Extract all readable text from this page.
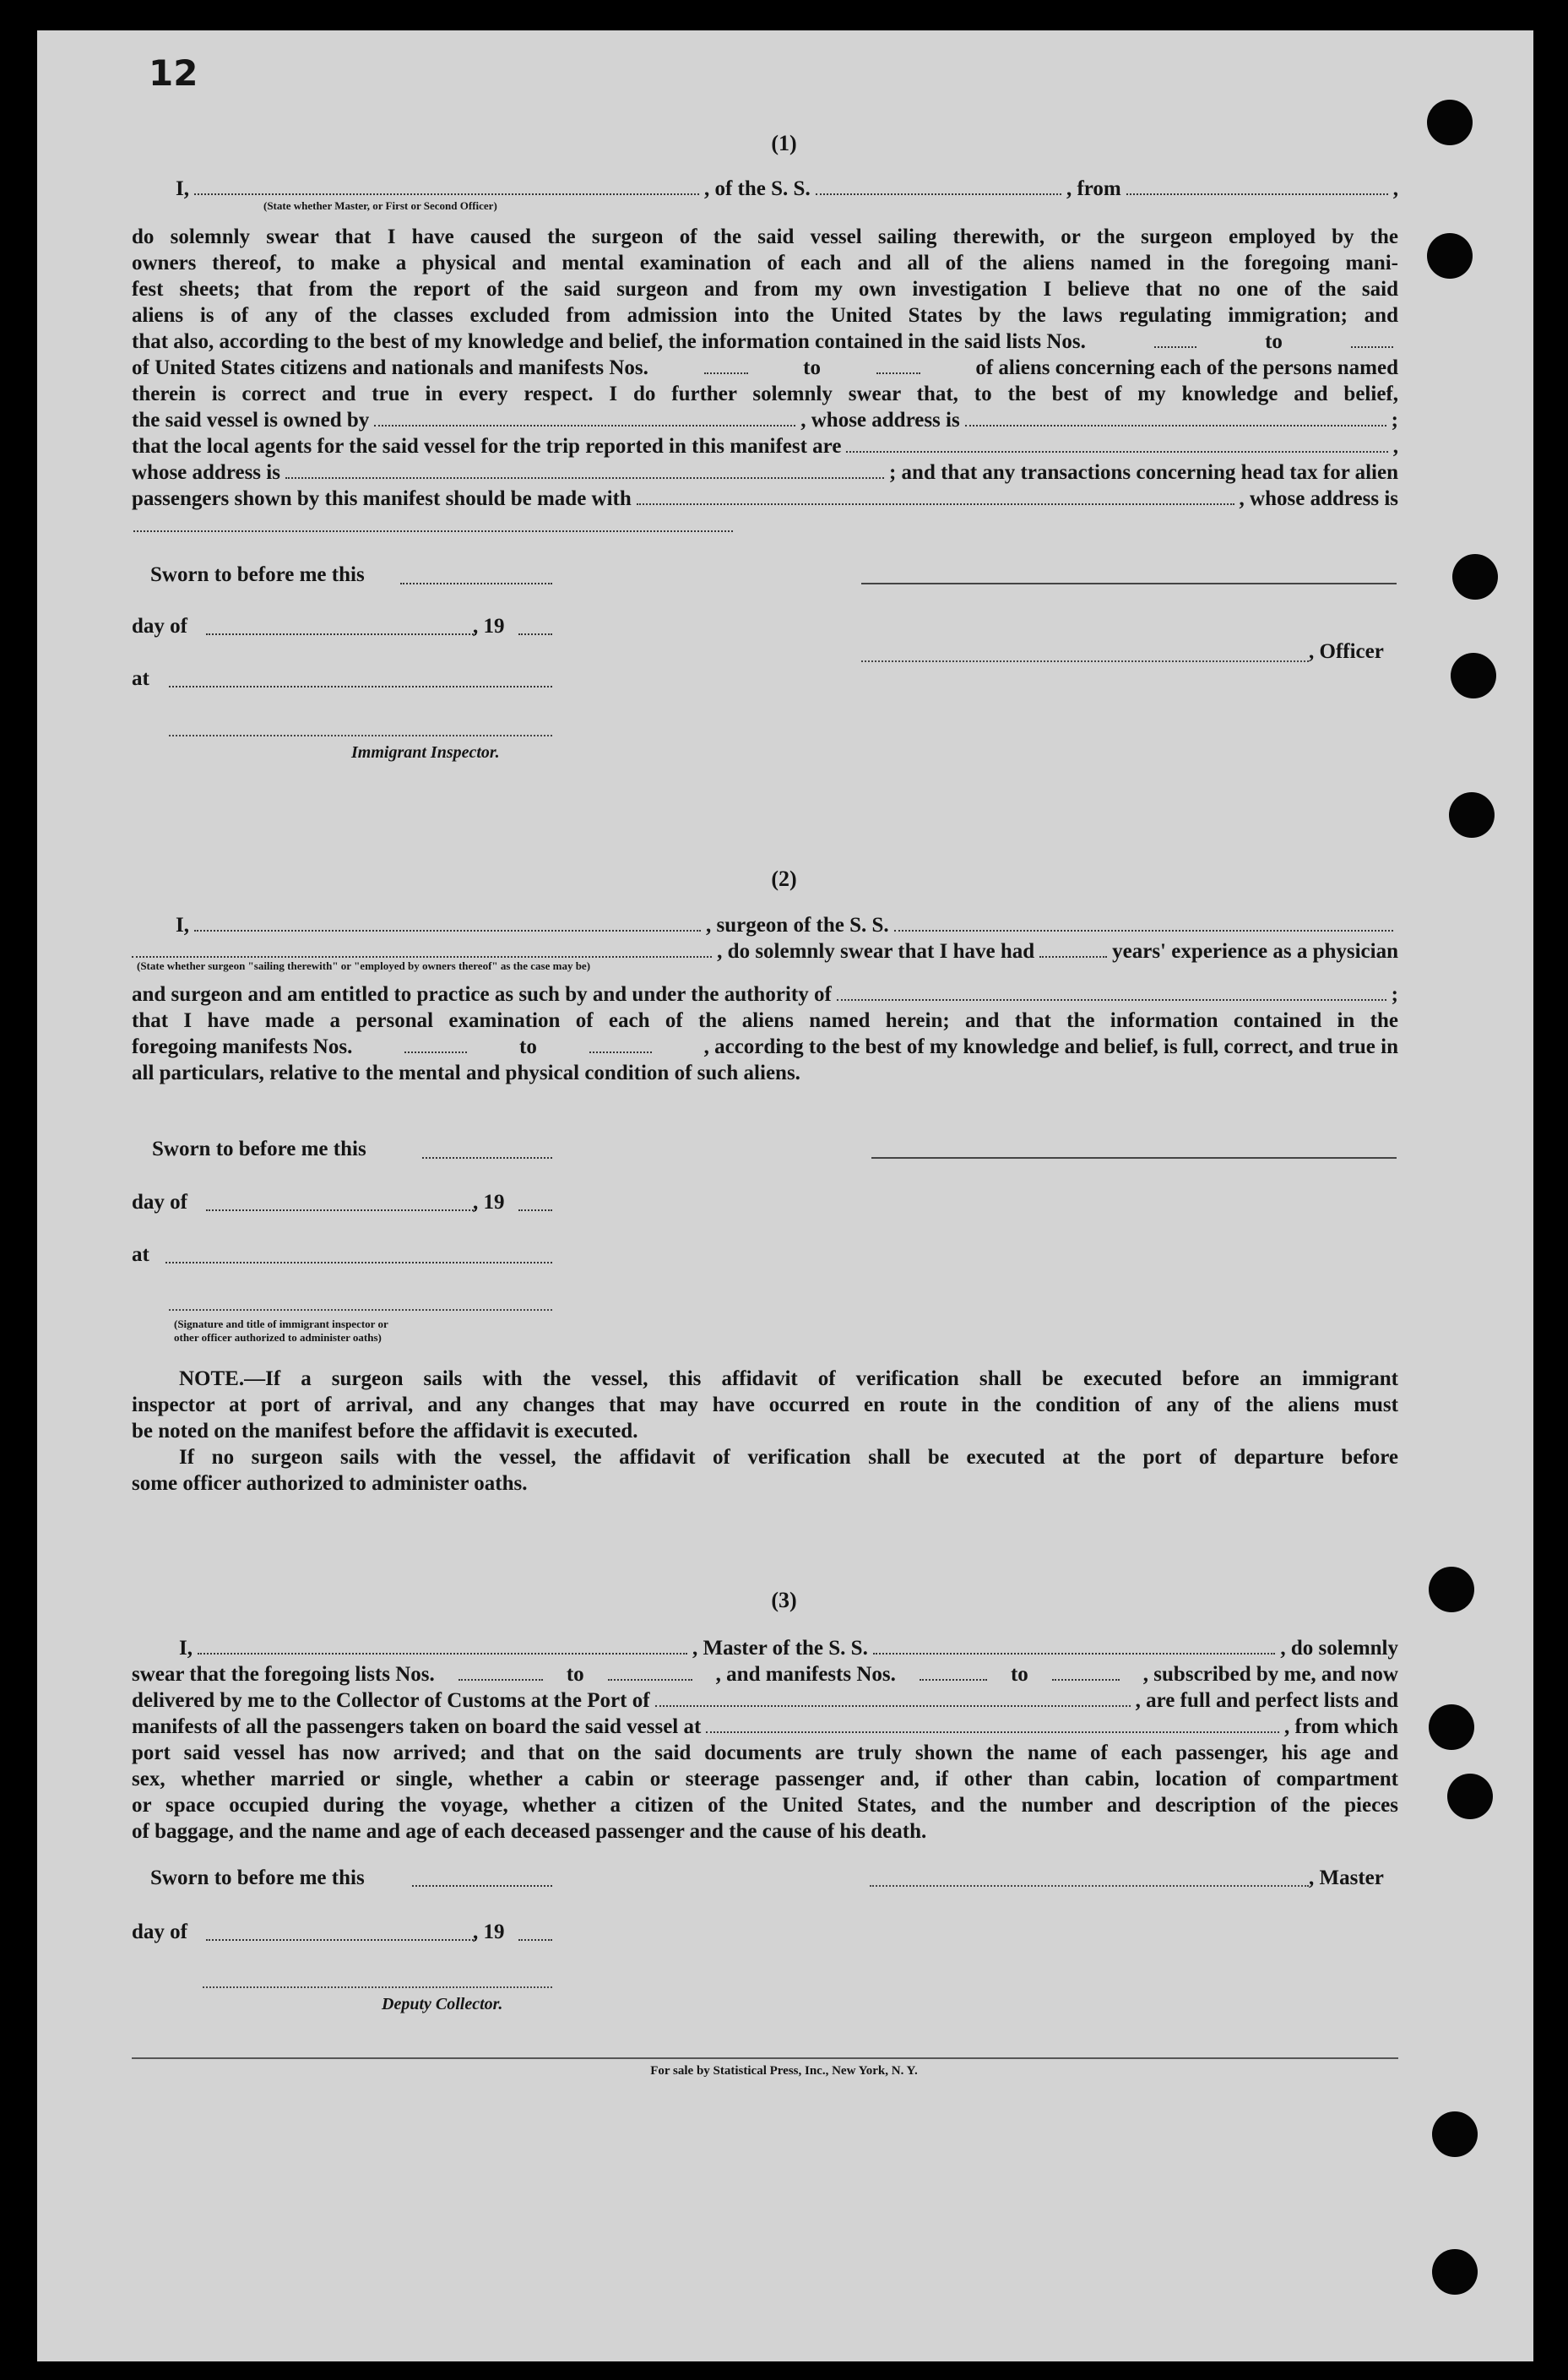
12
(1)
I,	, of the S. S.	, from	,
(State whether Master, or First or Second Officer)
do solemnly swear that I have caused the surgeon of the said vessel sailing therewith, or the surgeon employed by the
owners thereof, to make a physical and mental examination of each and all of the aliens named in the foregoing mani-
fest sheets; that from the report of the said surgeon and from my own investigation I believe that no one of the said
aliens is of any of the classes excluded from admission into the United States by the laws regulating immigration; and
that also, according to the best of my knowledge and belief, the information contained in the said lists Nos.	to
of United States citizens and nationals and manifests Nos.	to	of aliens concerning each of the persons named
therein is correct and true in every respect. I do further solemnly swear that, to the best of my knowledge and belief,
the said vessel is owned by	, whose address is	;
that the local agents for the said vessel for the trip reported in this manifest are	,
whose address is	; and that any transactions concerning head tax for alien
passengers shown by this manifest should be made with	, whose address is
Sworn to before me this
day of	, 19
, Officer
at
Immigrant Inspector.
(2)
I,	, surgeon of the S. S.
, do solemnly swear that I have had	years' experience as a physician
(State whether surgeon "sailing therewith" or "employed by owners thereof" as the case may be)
and surgeon and am entitled to practice as such by and under the authority of	;
that I have made a personal examination of each of the aliens named herein; and that the information contained in the
foregoing manifests Nos.	to	, according to the best of my knowledge and belief, is full, correct, and true in
all particulars, relative to the mental and physical condition of such aliens.
Sworn to before me this
day of	, 19
at
(Signature and title of immigrant inspector or
other officer authorized to administer oaths)
NOTE.—If a surgeon sails with the vessel, this affidavit of verification shall be executed before an immigrant
inspector at port of arrival, and any changes that may have occurred en route in the condition of any of the aliens must
be noted on the manifest before the affidavit is executed.
If no surgeon sails with the vessel, the affidavit of verification shall be executed at the port of departure before
some officer authorized to administer oaths.
(3)
I,	, Master of the S. S.	, do solemnly
swear that the foregoing lists Nos.	to	, and manifests Nos.	to	, subscribed by me, and now
delivered by me to the Collector of Customs at the Port of	, are full and perfect lists and
manifests of all the passengers taken on board the said vessel at	, from which
port said vessel has now arrived; and that on the said documents are truly shown the name of each passenger, his age and
sex, whether married or single, whether a cabin or steerage passenger and, if other than cabin, location of compartment
or space occupied during the voyage, whether a citizen of the United States, and the number and description of the pieces
of baggage, and the name and age of each deceased passenger and the cause of his death.
Sworn to before me this	, Master
day of	, 19
Deputy Collector.
For sale by Statistical Press, Inc., New York, N. Y.
